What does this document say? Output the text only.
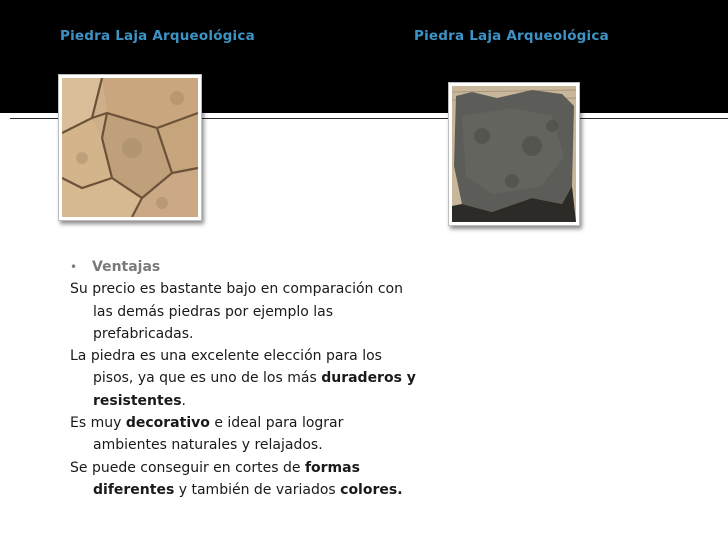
Piedra Laja Arqueológica	Piedra Laja Arqueológica
•	Ventajas
Su precio es bastante bajo en comparación con las demás piedras por ejemplo las prefabricadas.
La piedra es una excelente elección para los pisos, ya que es uno de los más duraderos y resistentes.
Es muy decorativo e ideal para lograr ambientes naturales y relajados.
Se puede conseguir en cortes de formas diferentes y también de variados colores.
